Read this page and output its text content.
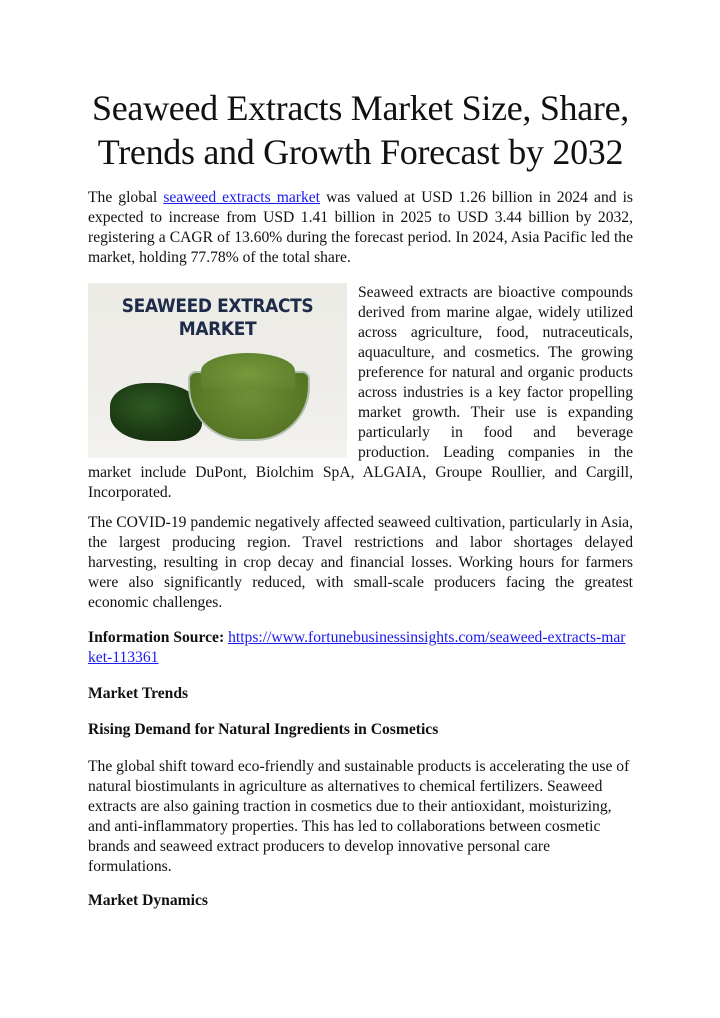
Seaweed Extracts Market Size, Share,
Trends and Growth Forecast by 2032

The global seaweed extracts market was valued at USD 1.26 billion in 2024 and is expected to increase from USD 1.41 billion in 2025 to USD 3.44 billion by 2032, registering a CAGR of 13.60% during the forecast period. In 2024, Asia Pacific led the market, holding 77.78% of the total share.

SEAWEED EXTRACTS
MARKET

Seaweed extracts are bioactive compounds derived from marine algae, widely utilized across agriculture, food, nutraceuticals, aquaculture, and cosmetics. The growing preference for natural and organic products across industries is a key factor propelling market growth. Their use is expanding particularly in food and beverage production. Leading companies in the market include DuPont, Biolchim SpA, ALGAIA, Groupe Roullier, and Cargill, Incorporated.

The COVID-19 pandemic negatively affected seaweed cultivation, particularly in Asia, the largest producing region. Travel restrictions and labor shortages delayed harvesting, resulting in crop decay and financial losses. Working hours for farmers were also significantly reduced, with small-scale producers facing the greatest economic challenges.

Information Source: https://www.fortunebusinessinsights.com/seaweed-extracts-market-113361

Market Trends

Rising Demand for Natural Ingredients in Cosmetics

The global shift toward eco-friendly and sustainable products is accelerating the use of natural biostimulants in agriculture as alternatives to chemical fertilizers. Seaweed extracts are also gaining traction in cosmetics due to their antioxidant, moisturizing, and anti-inflammatory properties. This has led to collaborations between cosmetic brands and seaweed extract producers to develop innovative personal care formulations.

Market Dynamics
